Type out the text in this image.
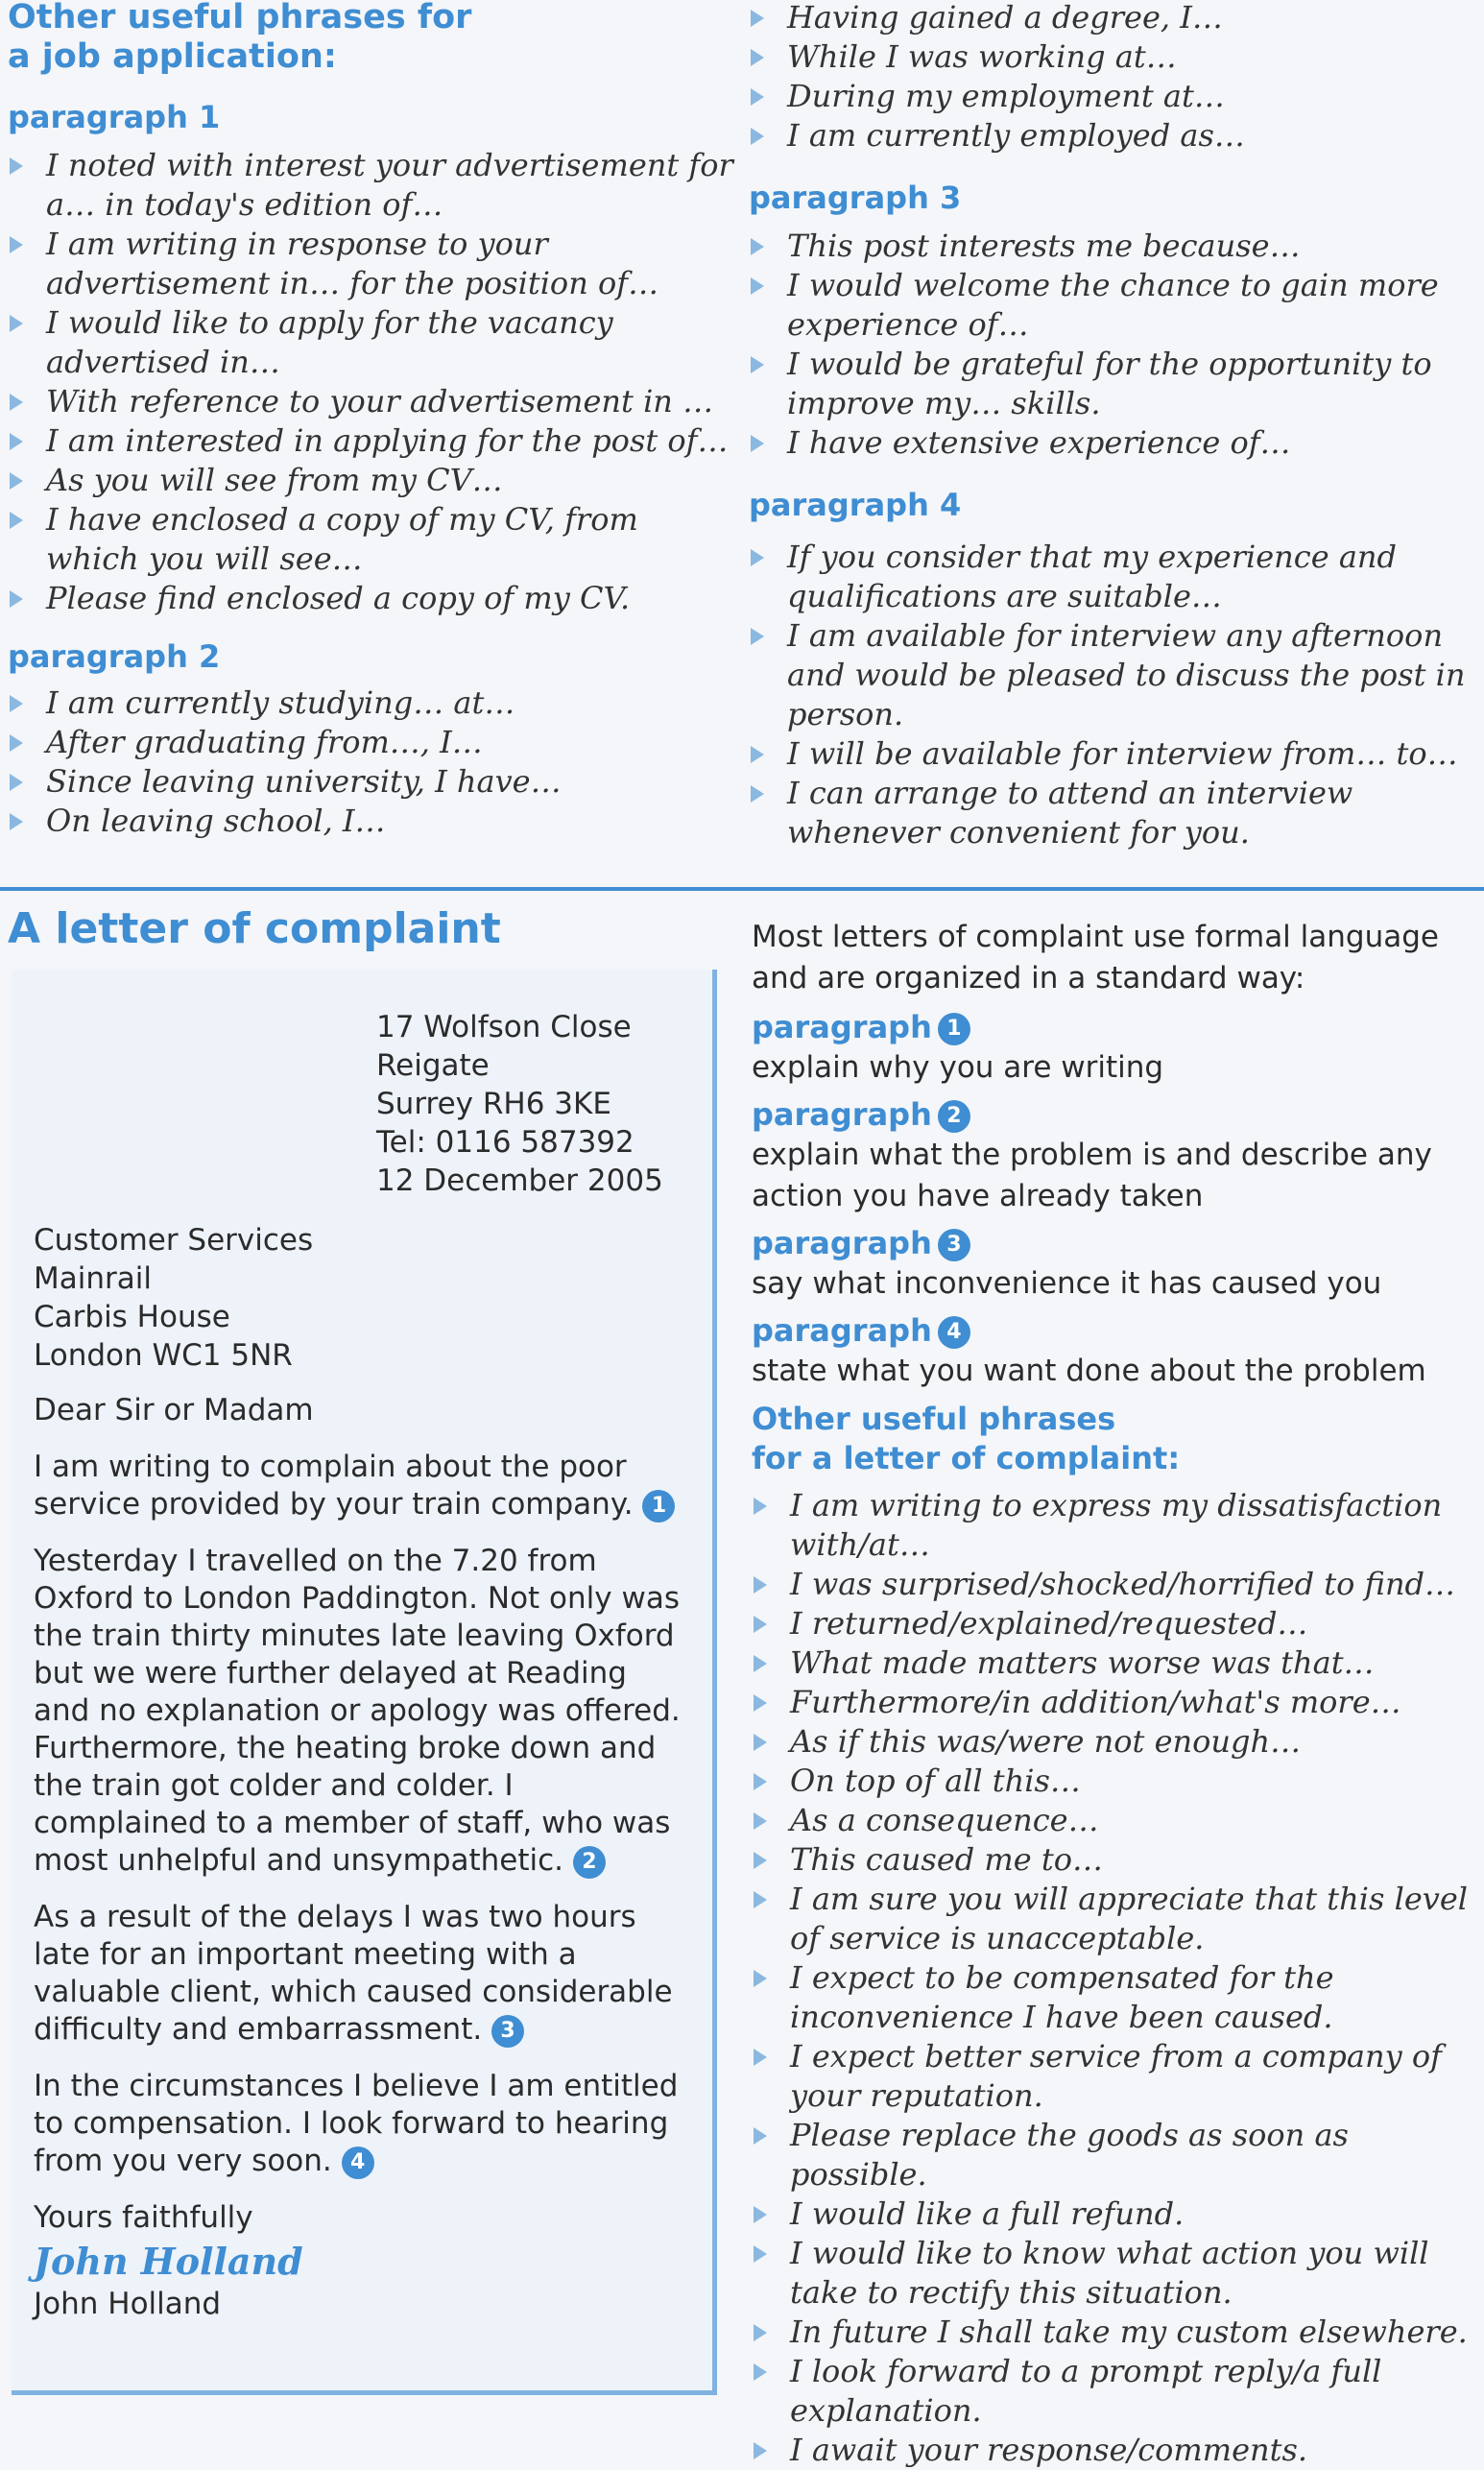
Other useful phrases for
a job application:
paragraph 1
I noted with interest your advertisement for a… in today's edition of…
I am writing in response to your advertisement in… for the position of…
I would like to apply for the vacancy advertised in…
With reference to your advertisement in …
I am interested in applying for the post of…
As you will see from my CV…
I have enclosed a copy of my CV, from which you will see…
Please find enclosed a copy of my CV.
paragraph 2
I am currently studying… at…
After graduating from…, I…
Since leaving university, I have…
On leaving school, I…
Having gained a degree, I…
While I was working at…
During my employment at…
I am currently employed as…
paragraph 3
This post interests me because…
I would welcome the chance to gain more experience of…
I would be grateful for the opportunity to improve my… skills.
I have extensive experience of…
paragraph 4
If you consider that my experience and qualifications are suitable…
I am available for interview any afternoon and would be pleased to discuss the post in person.
I will be available for interview from… to…
I can arrange to attend an interview whenever convenient for you.
A letter of complaint
17 Wolfson Close
Reigate
Surrey RH6 3KE
Tel: 0116 587392
12 December 2005
Customer Services
Mainrail
Carbis House
London WC1 5NR
Dear Sir or Madam
I am writing to complain about the poor service provided by your train company. 1
Yesterday I travelled on the 7.20 from Oxford to London Paddington. Not only was the train thirty minutes late leaving Oxford but we were further delayed at Reading and no explanation or apology was offered. Furthermore, the heating broke down and the train got colder and colder. I complained to a member of staff, who was most unhelpful and unsympathetic. 2
As a result of the delays I was two hours late for an important meeting with a valuable client, which caused considerable difficulty and embarrassment. 3
In the circumstances I believe I am entitled to compensation. I look forward to hearing from you very soon. 4
Yours faithfully
John Holland
John Holland
Most letters of complaint use formal language and are organized in a standard way:
paragraph 1
explain why you are writing
paragraph 2
explain what the problem is and describe any action you have already taken
paragraph 3
say what inconvenience it has caused you
paragraph 4
state what you want done about the problem
Other useful phrases
for a letter of complaint:
I am writing to express my dissatisfaction with/at…
I was surprised/shocked/horrified to find…
I returned/explained/requested…
What made matters worse was that…
Furthermore/in addition/what's more…
As if this was/were not enough…
On top of all this…
As a consequence…
This caused me to…
I am sure you will appreciate that this level of service is unacceptable.
I expect to be compensated for the inconvenience I have been caused.
I expect better service from a company of your reputation.
Please replace the goods as soon as possible.
I would like a full refund.
I would like to know what action you will take to rectify this situation.
In future I shall take my custom elsewhere.
I look forward to a prompt reply/a full explanation.
I await your response/comments.
